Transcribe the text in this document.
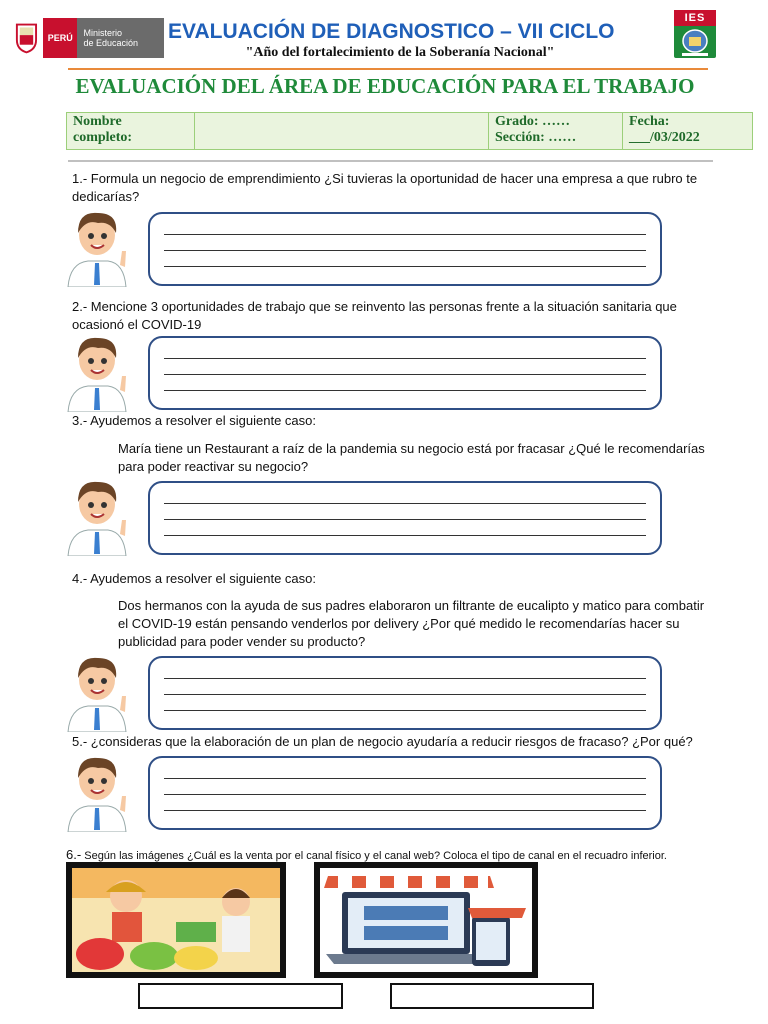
PERÚ	Ministerio
de Educación	EVALUACIÓN DE DIAGNOSTICO – VII CICLO
"Año del fortalecimiento de la Soberanía Nacional"
IES
EVALUACIÓN DEL ÁREA DE EDUCACIÓN PARA EL TRABAJO
Nombre
completo:
Grado: ……
Sección: ……
Fecha:
___/03/2022
1.- Formula un negocio de emprendimiento ¿Si tuvieras la oportunidad de hacer una empresa a que rubro te dedicarías?
2.- Mencione 3 oportunidades de trabajo que se reinvento las personas frente a la situación sanitaria que ocasionó el COVID-19
3.- Ayudemos a resolver el siguiente caso:
María tiene un Restaurant a raíz de la pandemia su negocio está por fracasar ¿Qué le recomendarías para poder reactivar su negocio?
4.- Ayudemos a resolver el siguiente caso:
Dos hermanos con la ayuda de sus padres elaboraron un filtrante de eucalipto y matico para combatir el COVID-19 están pensando venderlos por delivery ¿Por qué medido le recomendarías hacer su publicidad para poder vender su producto?
5.- ¿consideras que la elaboración de un plan de negocio ayudaría a reducir riesgos de fracaso? ¿Por qué?
6.- Según las imágenes ¿Cuál es la venta por el canal físico y el canal web? Coloca el tipo de canal en el recuadro inferior.
